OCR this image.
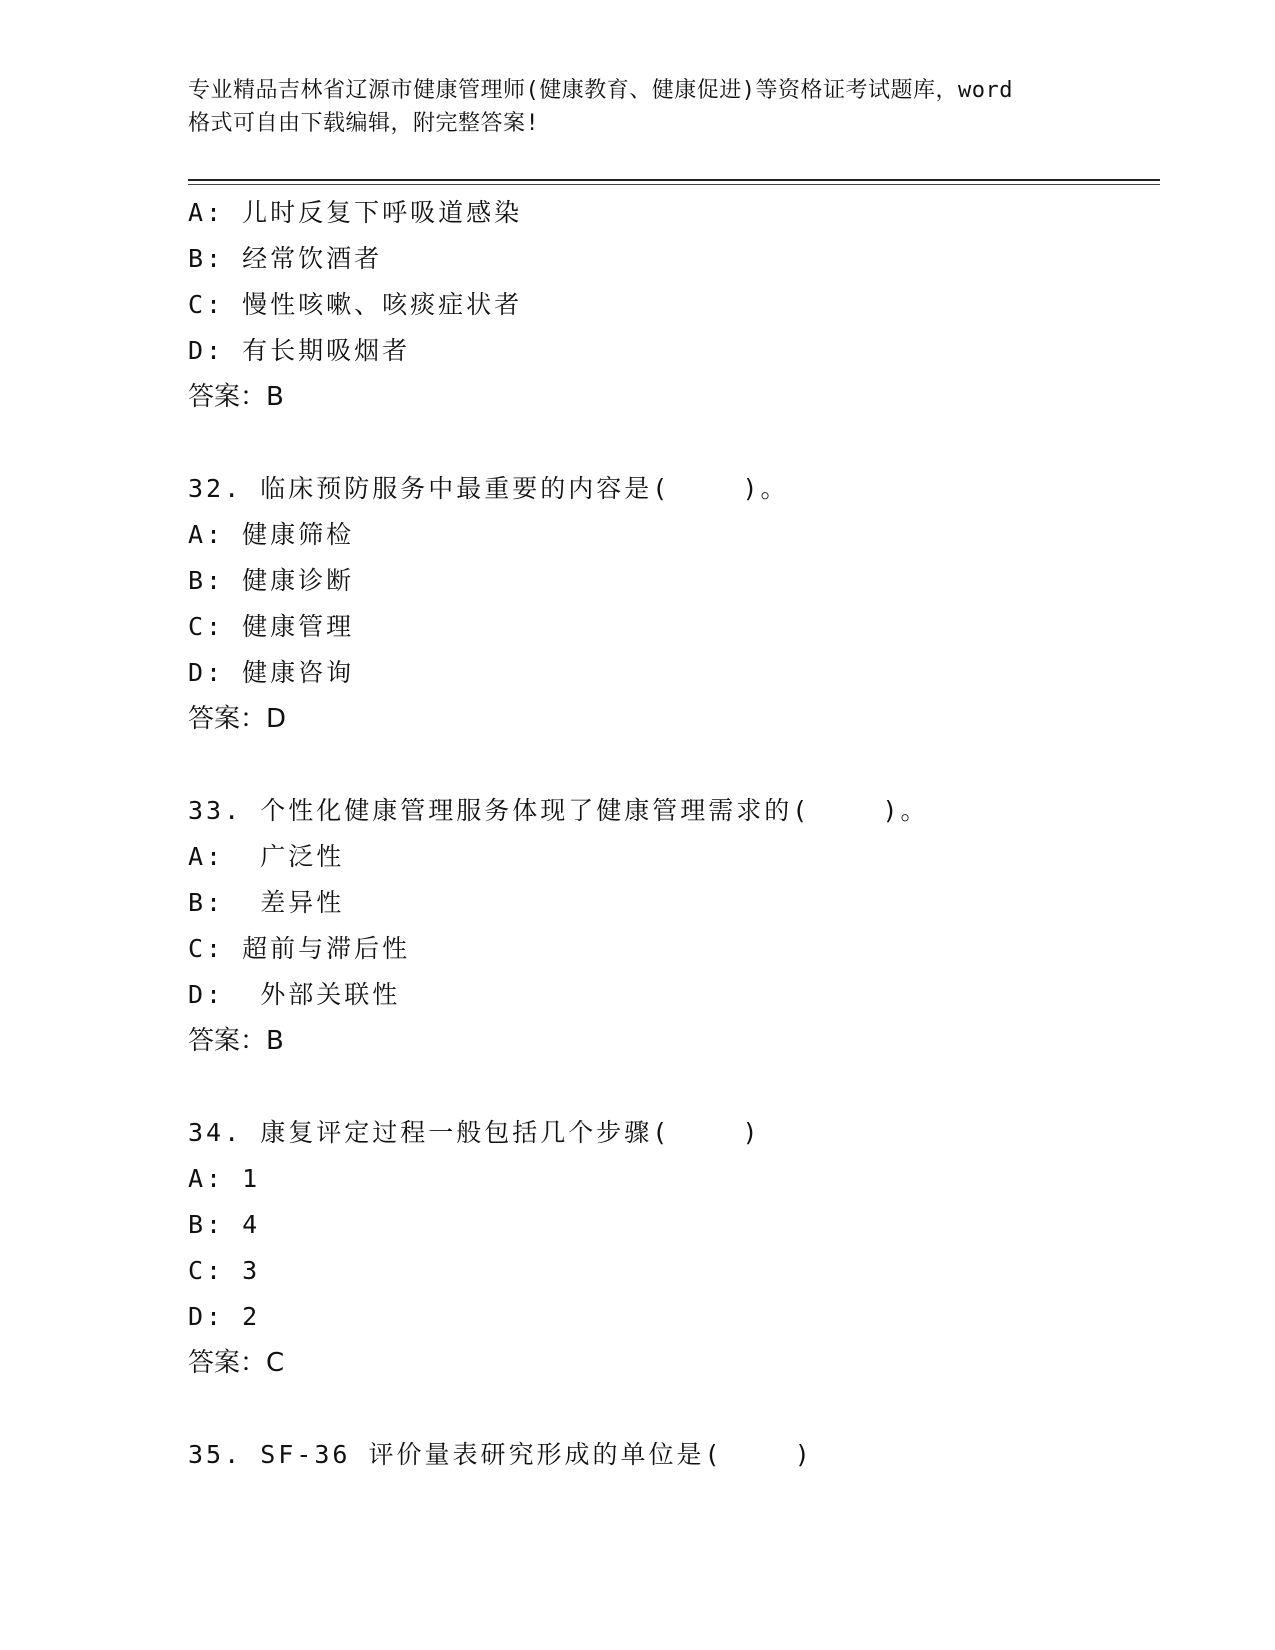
专业精品吉林省辽源市健康管理师(健康教育、健康促进)等资格证考试题库，word
格式可自由下载编辑，附完整答案!
A: 儿时反复下呼吸道感染
B: 经常饮酒者
C: 慢性咳嗽、咳痰症状者
D: 有长期吸烟者
答案：B
32. 临床预防服务中最重要的内容是(    )。
A: 健康筛检
B: 健康诊断
C: 健康管理
D: 健康咨询
答案：D
33. 个性化健康管理服务体现了健康管理需求的(    )。
A:  广泛性
B:  差异性
C: 超前与滞后性
D:  外部关联性
答案：B
34. 康复评定过程一般包括几个步骤(    )
A: 1
B: 4
C: 3
D: 2
答案：C
35. SF-36 评价量表研究形成的单位是(    )
